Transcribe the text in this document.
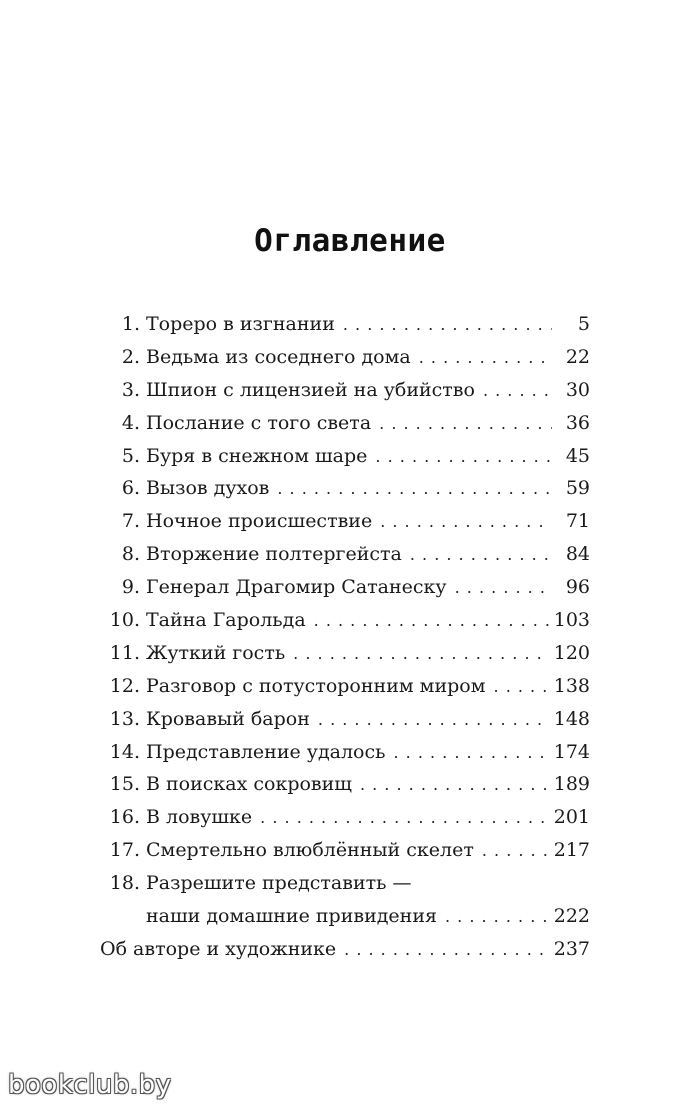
Оглавление
1. Тореро в изгнании . . .	5
2. Ведьма из соседнего дома . . .	22
3. Шпион с лицензией на убийство . . .	30
4. Послание с того света . . .	36
5. Буря в снежном шаре . . .	45
6. Вызов духов . . .	59
7. Ночное происшествие . . .	71
8. Вторжение полтергейста . . .	84
9. Генерал Драгомир Сатанеску . . .	96
10. Тайна Гарольда . . .	103
11. Жуткий гость . . .	120
12. Разговор с потусторонним миром . . .	138
13. Кровавый барон . . .	148
14. Представление удалось . . .	174
15. В поисках сокровищ . . .	189
16. В ловушке . . .	201
17. Смертельно влюблённый скелет . . .	217
18. Разрешите представить —
наши домашние привидения . . .	222
Об авторе и художнике . . .	237
bookclub.by
